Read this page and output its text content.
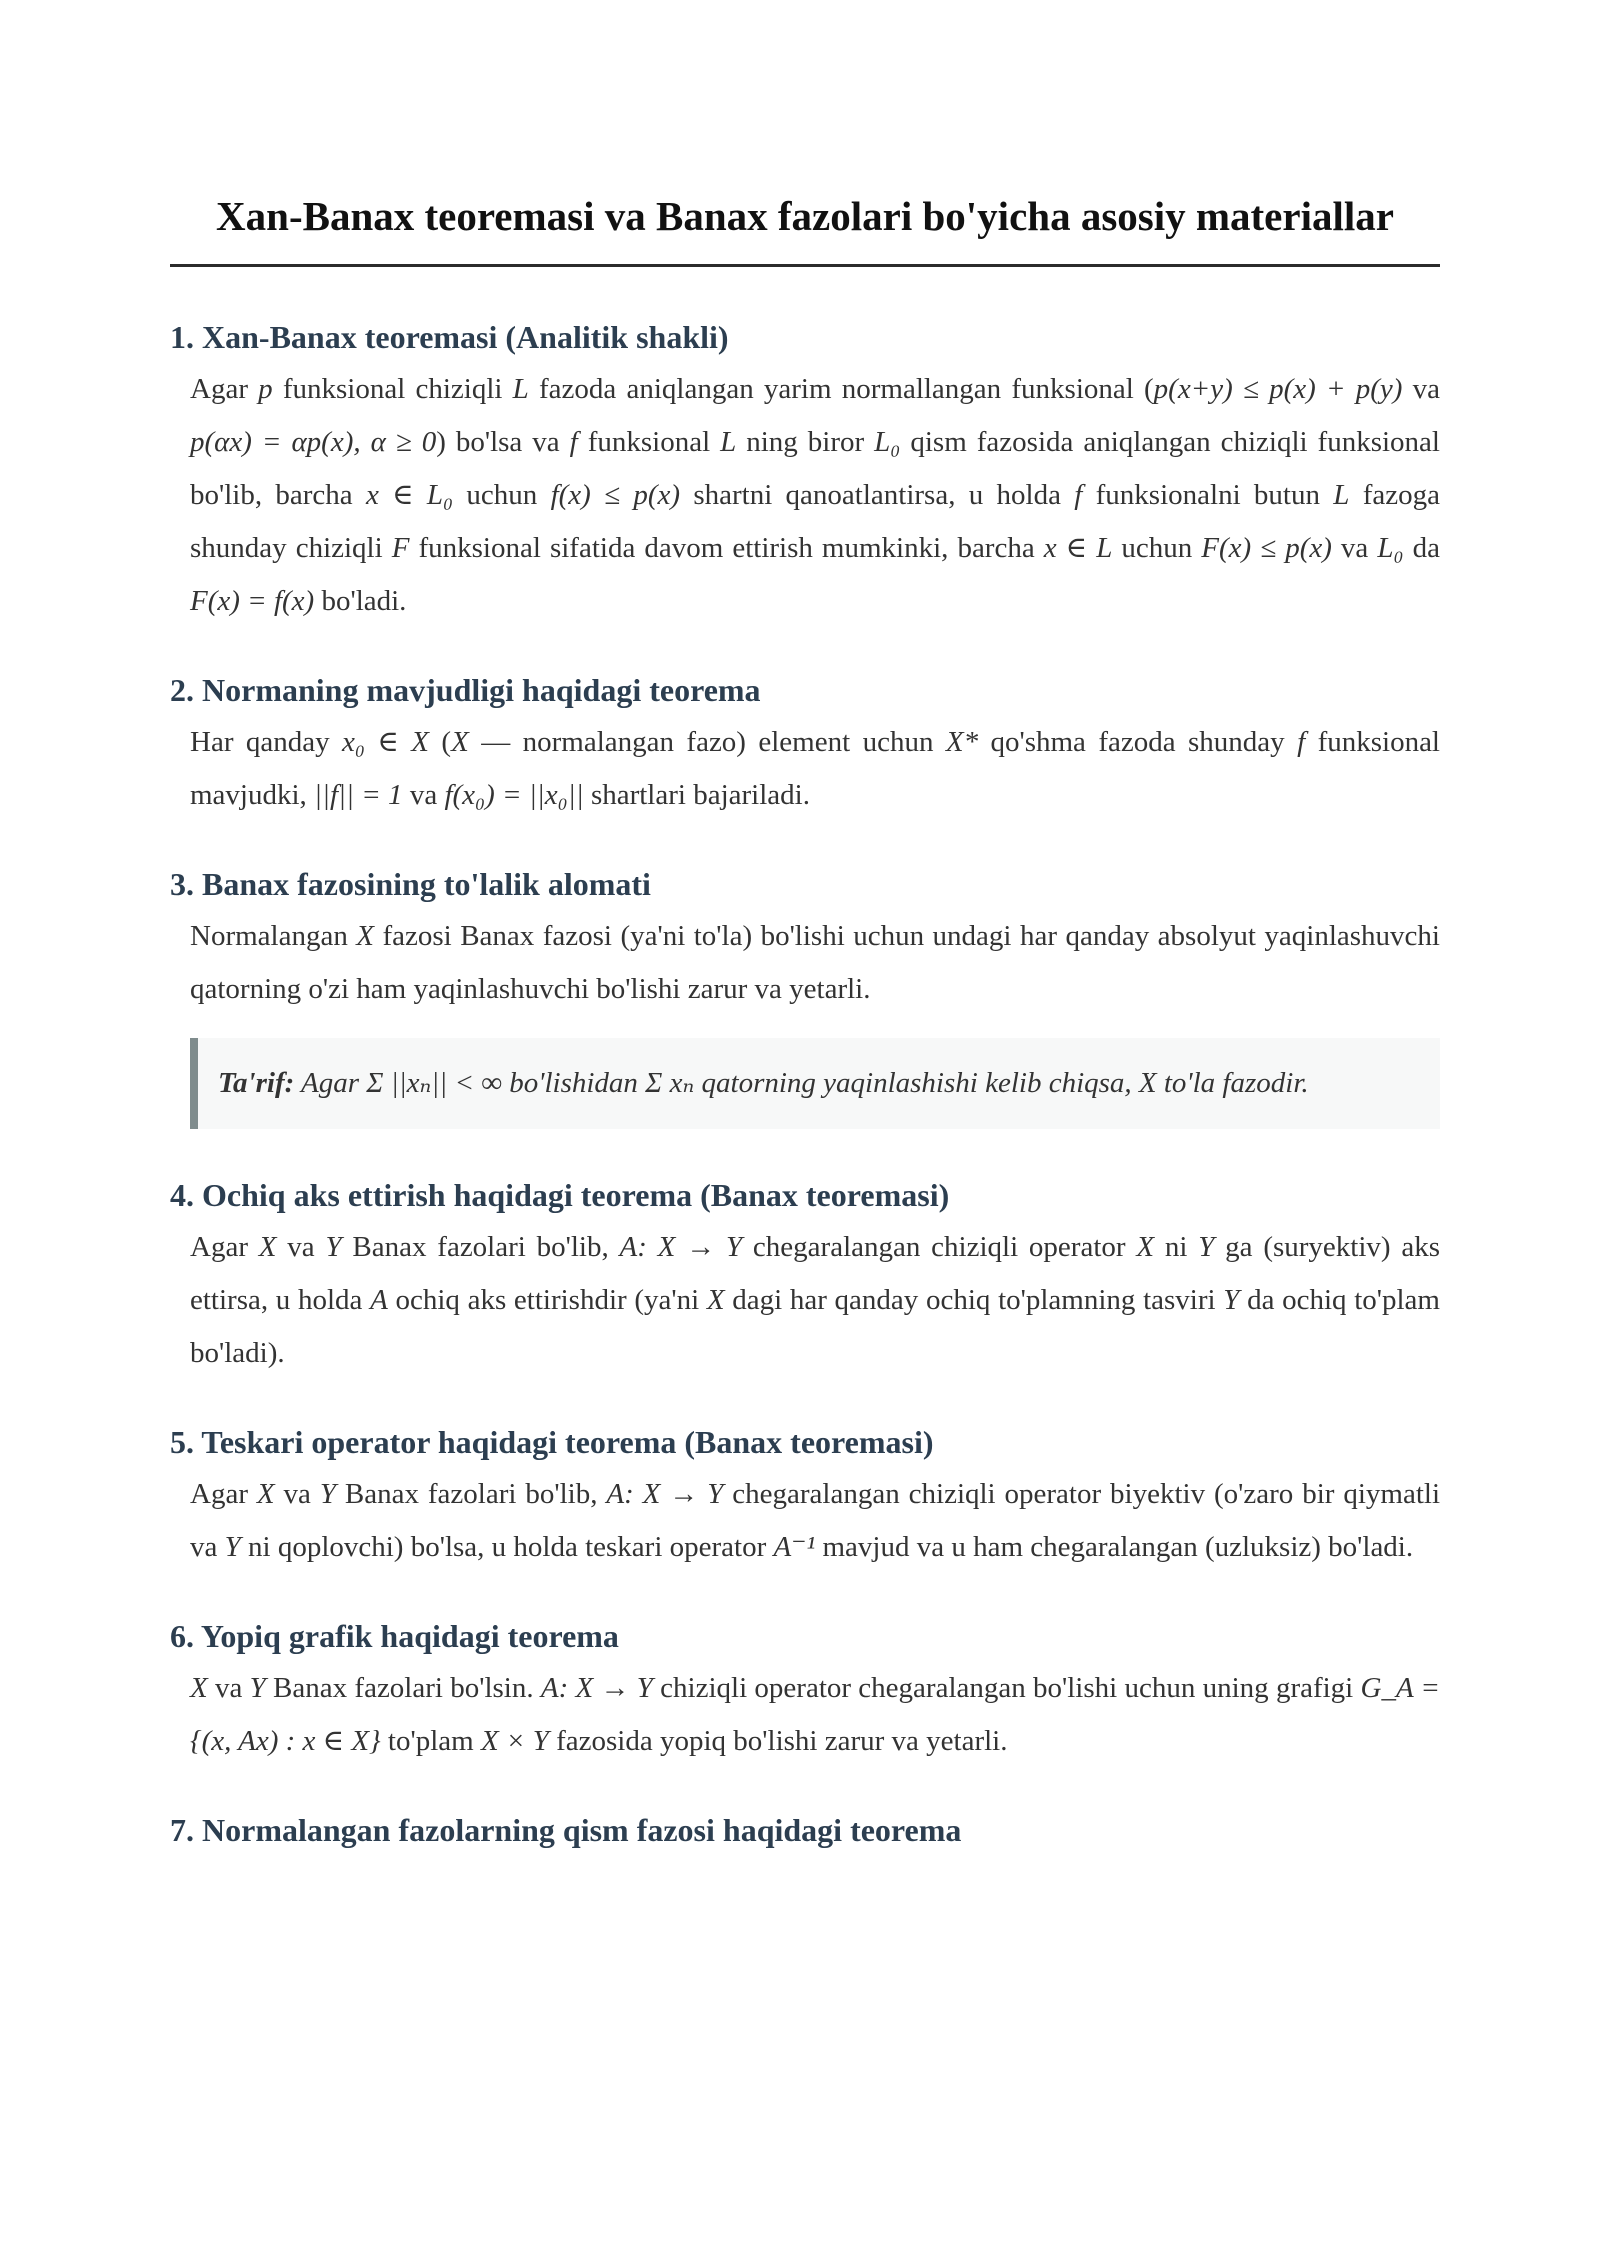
Xan-Banax teoremasi va Banax fazolari bo'yicha asosiy materiallar
1. Xan-Banax teoremasi (Analitik shakli)

Agar p funksional chiziqli L fazoda aniqlangan yarim normallangan funksional (p(x+y) ≤ p(x) + p(y) va p(αx) = αp(x), α ≥ 0) bo'lsa va f funksional L ning biror L₀ qism fazosida aniqlangan chiziqli funksional bo'lib, barcha x ∈ L₀ uchun f(x) ≤ p(x) shartni qanoatlantirsa, u holda f funksionalni butun L fazoga shunday chiziqli F funksional sifatida davom ettirish mumkinki, barcha x ∈ L uchun F(x) ≤ p(x) va L₀ da F(x) = f(x) bo'ladi.

2. Normaning mavjudligi haqidagi teorema

Har qanday x₀ ∈ X (X — normalangan fazo) element uchun X* qo'shma fazoda shunday f funksional mavjudki, ||f|| = 1 va f(x₀) = ||x₀|| shartlari bajariladi.

3. Banax fazosining to'lalik alomati

Normalangan X fazosi Banax fazosi (ya'ni to'la) bo'lishi uchun undagi har qanday absolyut yaqinlashuvchi qatorning o'zi ham yaqinlashuvchi bo'lishi zarur va yetarli.

Ta'rif: Agar Σ ||xₙ|| < ∞ bo'lishidan Σ xₙ qatorning yaqinlashishi kelib chiqsa, X to'la fazodir.
4. Ochiq aks ettirish haqidagi teorema (Banax teoremasi)

Agar X va Y Banax fazolari bo'lib, A: X → Y chegaralangan chiziqli operator X ni Y ga (suryektiv) aks ettirsa, u holda A ochiq aks ettirishdir (ya'ni X dagi har qanday ochiq to'plamning tasviri Y da ochiq to'plam bo'ladi).

5. Teskari operator haqidagi teorema (Banax teoremasi)

Agar X va Y Banax fazolari bo'lib, A: X → Y chegaralangan chiziqli operator biyektiv (o'zaro bir qiymatli va Y ni qoplovchi) bo'lsa, u holda teskari operator A⁻¹ mavjud va u ham chegaralangan (uzluksiz) bo'ladi.

6. Yopiq grafik haqidagi teorema

X va Y Banax fazolari bo'lsin. A: X → Y chiziqli operator chegaralangan bo'lishi uchun uning grafigi G_A = {(x, Ax) : x ∈ X} to'plam X × Y fazosida yopiq bo'lishi zarur va yetarli.

7. Normalangan fazolarning qism fazosi haqidagi teorema
